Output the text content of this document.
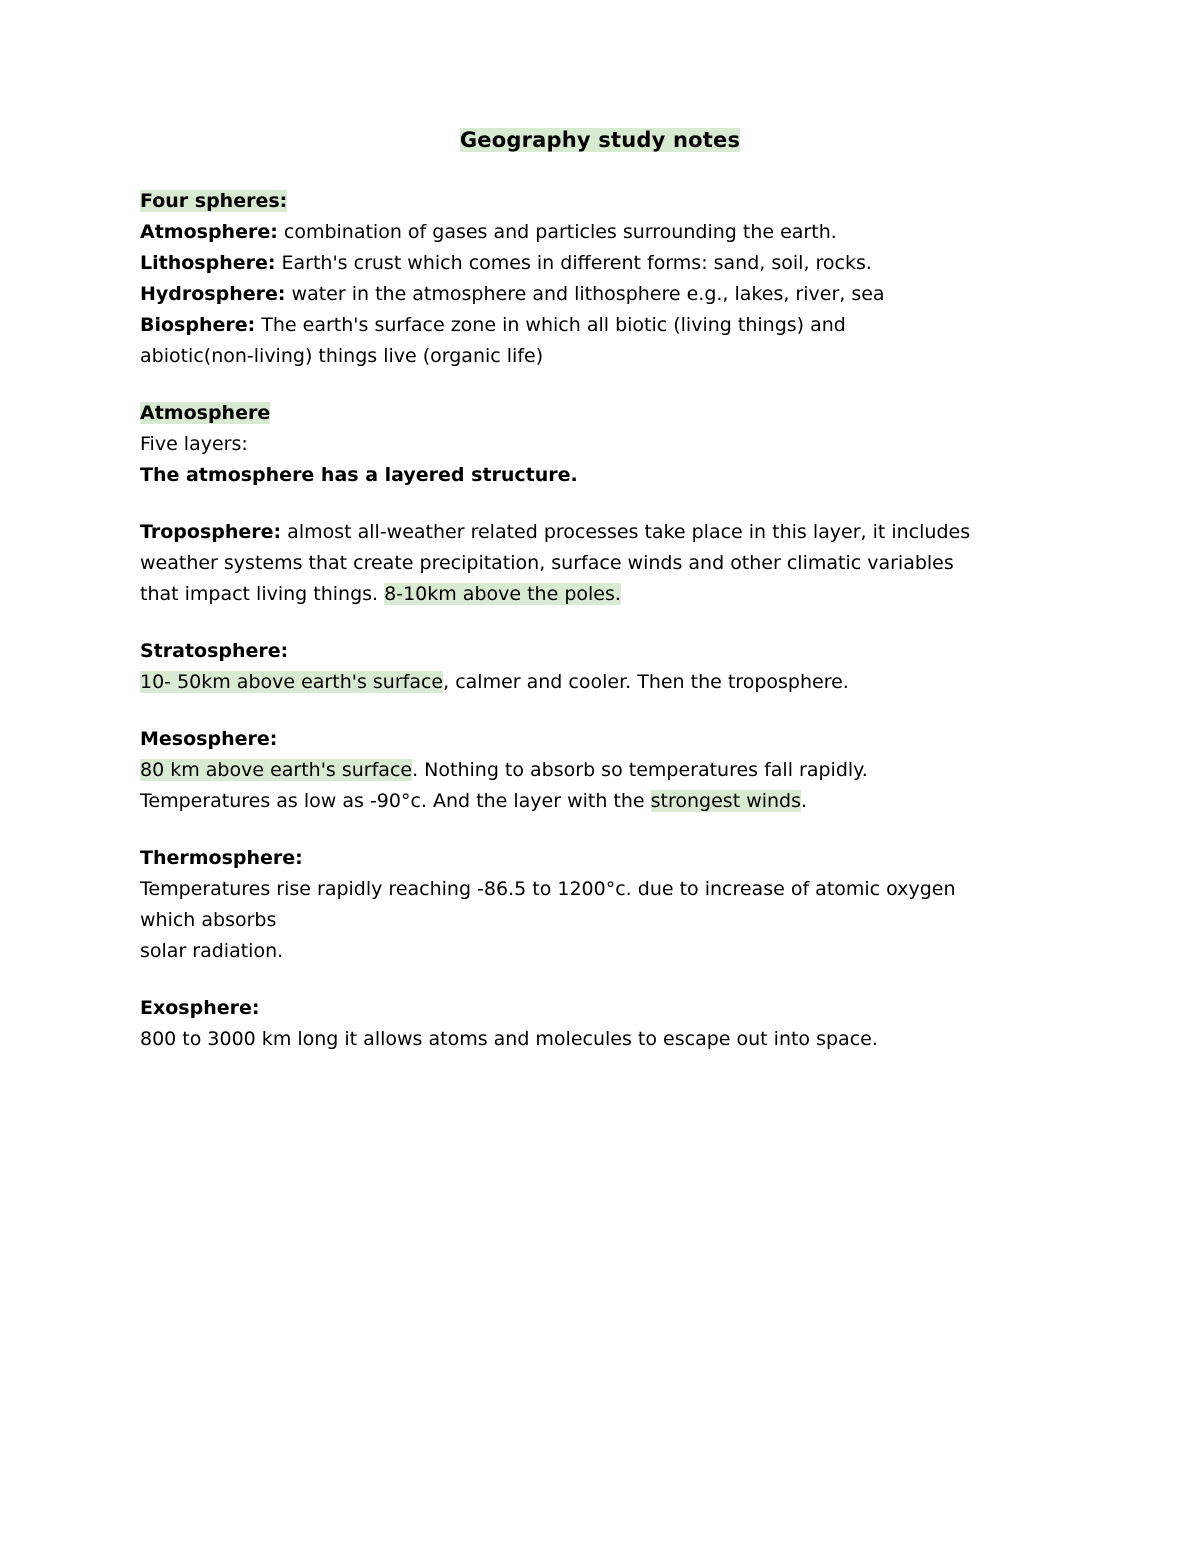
Geography study notes
Four spheres:
Atmosphere: combination of gases and particles surrounding the earth.
Lithosphere: Earth's crust which comes in different forms: sand, soil, rocks.
Hydrosphere: water in the atmosphere and lithosphere e.g., lakes, river, sea
Biosphere: The earth's surface zone in which all biotic (living things) and
abiotic(non-living) things live (organic life)
Atmosphere
Five layers:
The atmosphere has a layered structure.
Troposphere: almost all-weather related processes take place in this layer, it includes
weather systems that create precipitation, surface winds and other climatic variables
that impact living things. 8-10km above the poles.
Stratosphere:
10- 50km above earth's surface, calmer and cooler. Then the troposphere.
Mesosphere:
80 km above earth's surface. Nothing to absorb so temperatures fall rapidly.
Temperatures as low as -90°c. And the layer with the strongest winds.
Thermosphere:
Temperatures rise rapidly reaching -86.5 to 1200°c. due to increase of atomic oxygen
which absorbs
solar radiation.
Exosphere:
800 to 3000 km long it allows atoms and molecules to escape out into space.
